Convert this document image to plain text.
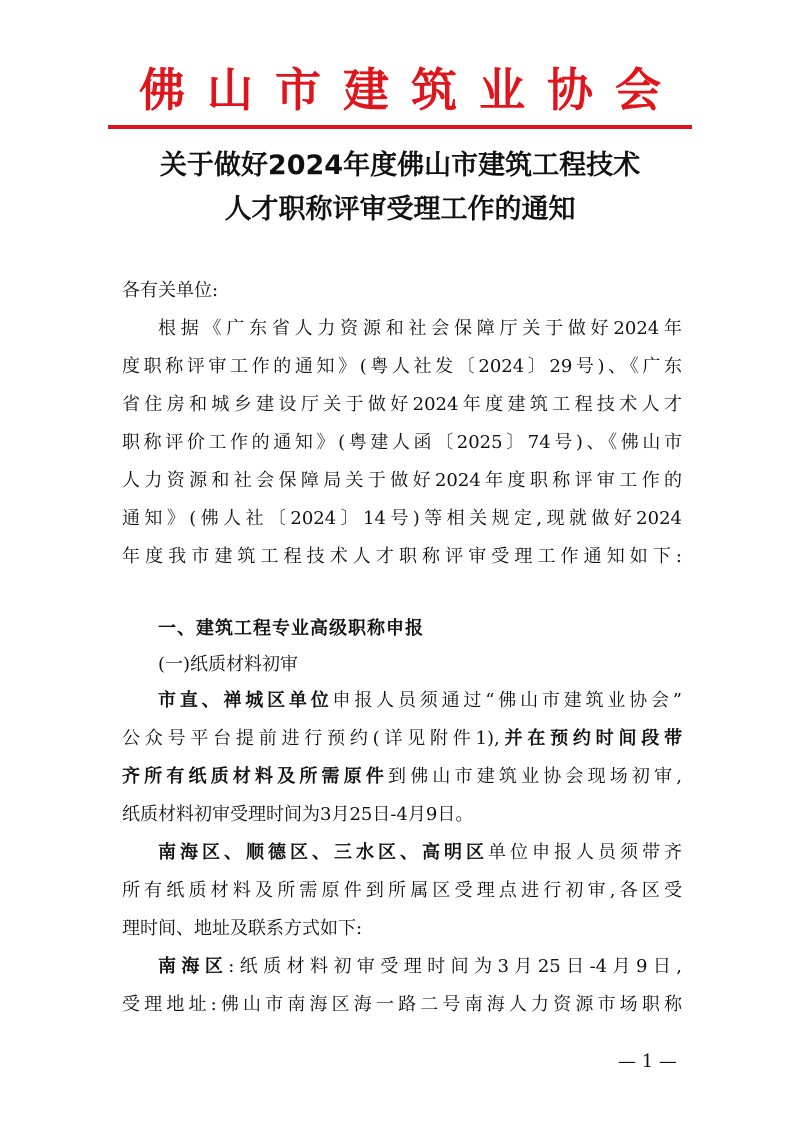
佛山市建筑业协会
关于做好2024年度佛山市建筑工程技术
人才职称评审受理工作的通知
各有关单位:
根据《广东省人力资源和社会保障厅关于做好2024年
度职称评审工作的通知》(粤人社发〔2024〕29号)、《广东
省住房和城乡建设厅关于做好2024年度建筑工程技术人才
职称评价工作的通知》(粤建人函〔2025〕74号)、《佛山市
人力资源和社会保障局关于做好2024年度职称评审工作的
通知》(佛人社〔2024〕14号)等相关规定,现就做好2024
年度我市建筑工程技术人才职称评审受理工作通知如下:
一、建筑工程专业高级职称申报
(一)纸质材料初审
市直、禅城区单位申报人员须通过“佛山市建筑业协会”
公众号平台提前进行预约(详见附件1),并在预约时间段带
齐所有纸质材料及所需原件到佛山市建筑业协会现场初审,
纸质材料初审受理时间为3月25日-4月9日。
南海区、顺德区、三水区、高明区单位申报人员须带齐
所有纸质材料及所需原件到所属区受理点进行初审,各区受
理时间、地址及联系方式如下:
南海区:纸质材料初审受理时间为3月25日-4月9日,
受理地址:佛山市南海区海一路二号南海人力资源市场职称
— 1 —
